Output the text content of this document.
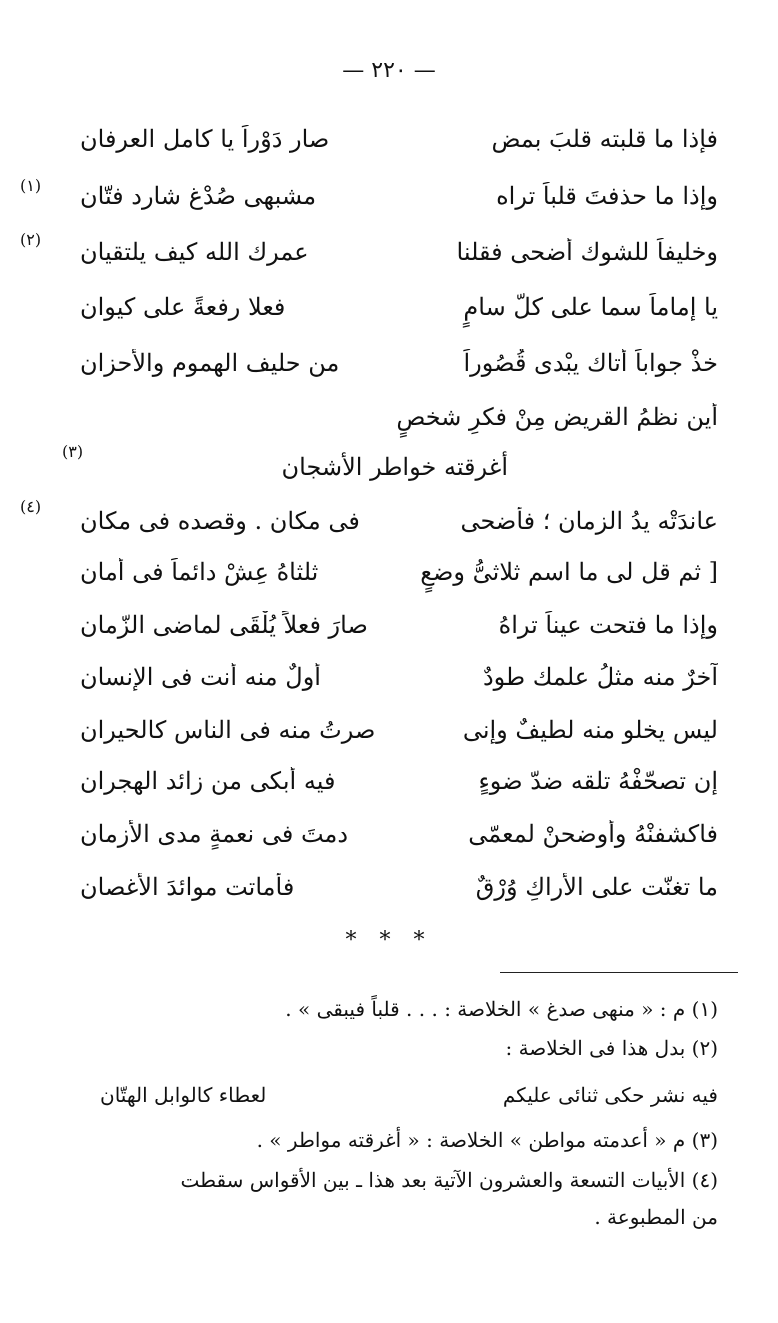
— ٢٢٠ —
فإذا ما قلبته قلبَ بمض
صار دَوْراً يا كامل العرفان
وإذا ما حذفتَ قلباً تراه
مشبهى صُدْغ شارد فتّان
(١)
وخليفاً للشوك أضحى فقلنا
عمرك الله كيف يلتقيان
(٢)
يا إماماً سما على كلّ سامٍ
فعلا رفعةً على كيوان
خذْ جواباً أتاك يبْدى قُصُوراً
من حليف الهموم والأحزان
أين نظمُ القريض مِنْ فكرِ شخصٍ
أغرقته خواطر الأشجان
(٣)
عاندَتْه يدُ الزمان ؛ فأضحى
فى مكان . وقصده فى مكان
(٤)
[ ثم قل لى ما اسم ثلاثىُّ وضعٍ
ثلثاهُ عِشْ دائماً فى أمان
وإذا ما فتحت عيناً تراهُ
صارَ فعلاً يُلْقَى لماضى الزّمان
آخرٌ منه مثلُ علمك طودٌ
أولٌ منه أنت فى الإنسان
ليس يخلو منه لطيفٌ وإنى
صرتُ منه فى الناس كالحيران
إن تصحّفْهُ تلقه ضدّ ضوءٍ
فيه أبكى من زائد الهجران
فاكشفنْهُ وأوضحنْ لمعمّى
دمتَ فى نعمةٍ مدى الأزمان
ما تغنّت على الأراكِ وُرْقٌ
فأماتت موائدَ الأغصان
* * *
(١) م : « منهى صدغ » الخلاصة : . . . قلباً فيبقى » .
(٢) بدل هذا فى الخلاصة :
فيه نشر حكى ثنائى عليكم
لعطاء كالوابل الهتّان
(٣) م « أعدمته مواطن » الخلاصة : « أغرقته مواطر » .
(٤) الأبيات التسعة والعشرون الآتية بعد هذا ـ بين الأقواس سقطت
من المطبوعة .
